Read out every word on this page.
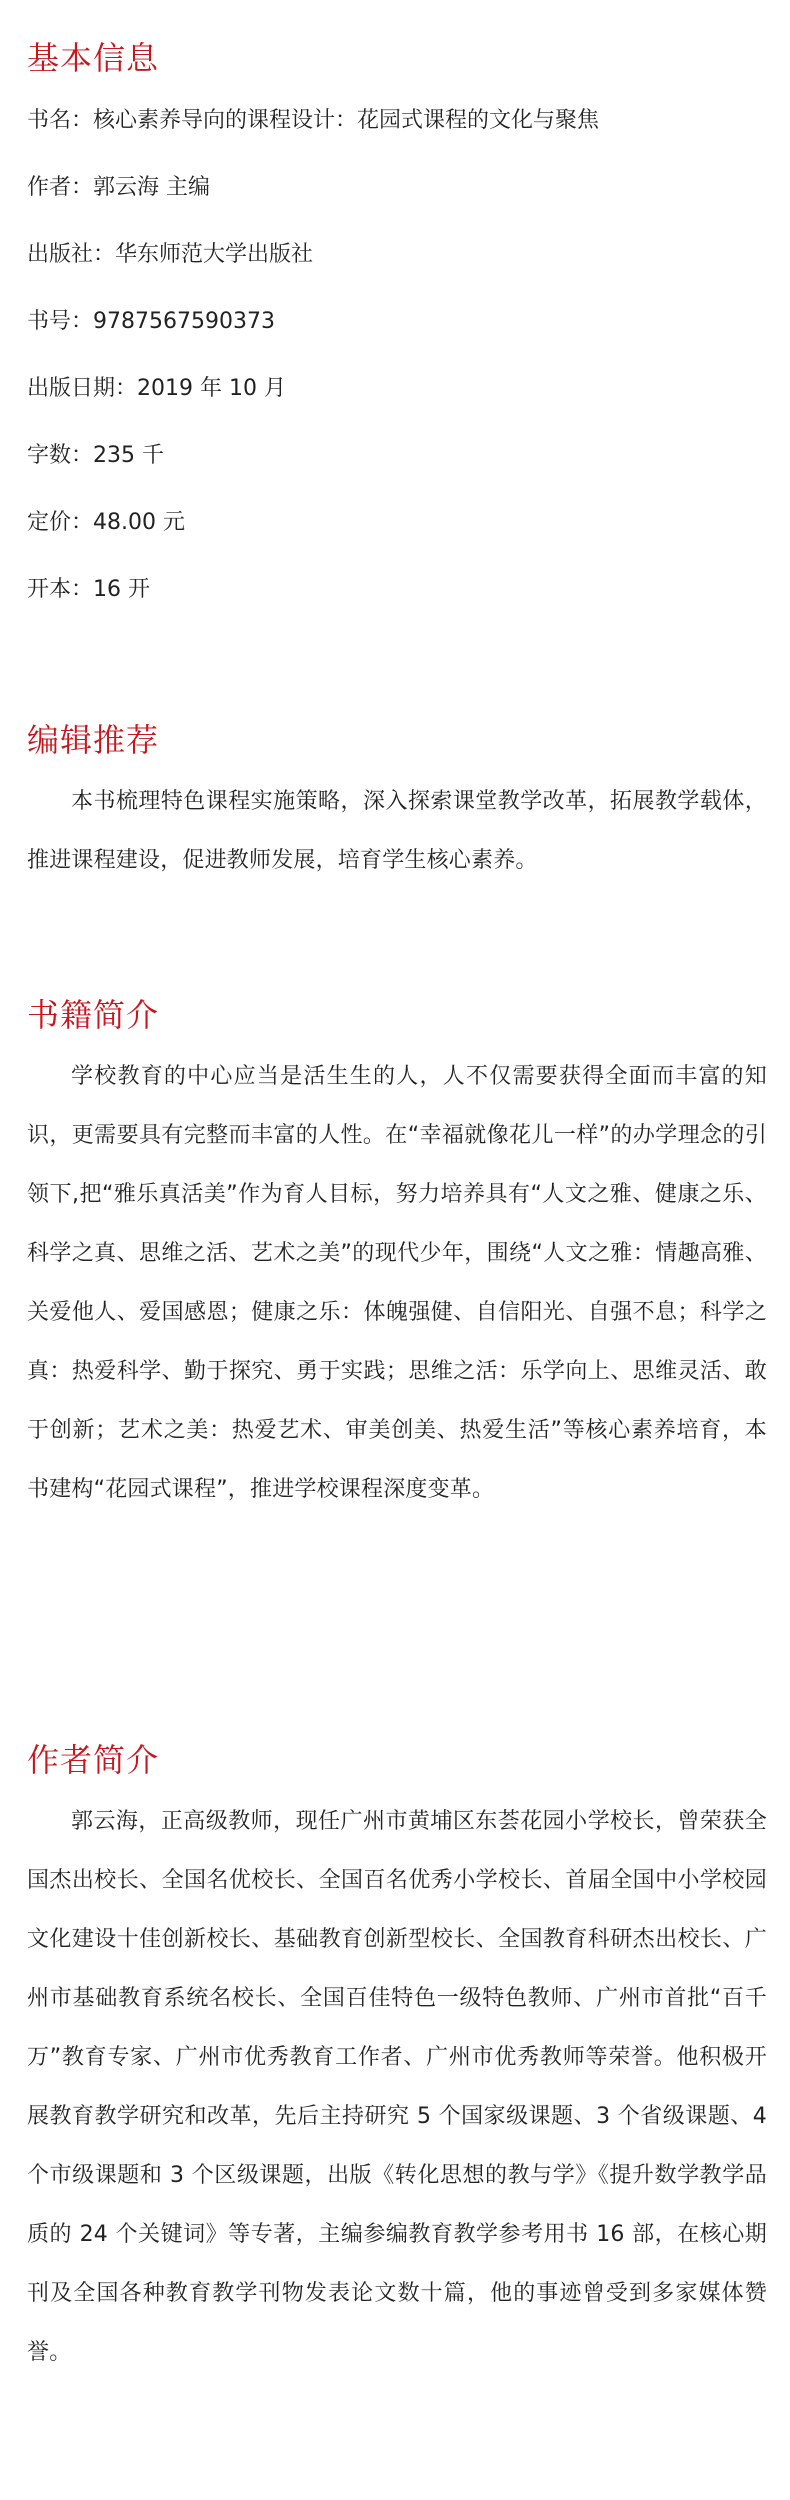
基本信息
书名：核心素养导向的课程设计：花园式课程的文化与聚焦
作者：郭云海 主编
出版社：华东师范大学出版社
书号：9787567590373
出版日期：2019 年 10 月
字数：235 千
定价：48.00 元
开本：16 开
编辑推荐

本书梳理特色课程实施策略，深入探索课堂教学改革，拓展教学载体，推进课程建设，促进教师发展，培育学生核心素养。

书籍简介

学校教育的中心应当是活生生的人，人不仅需要获得全面而丰富的知识，更需要具有完整而丰富的人性。在“幸福就像花儿一样”的办学理念的引领下,把“雅乐真活美”作为育人目标，努力培养具有“人文之雅、健康之乐、科学之真、思维之活、艺术之美”的现代少年，围绕“人文之雅：情趣高雅、关爱他人、爱国感恩；健康之乐：体魄强健、自信阳光、自强不息；科学之真：热爱科学、勤于探究、勇于实践；思维之活：乐学向上、思维灵活、敢于创新；艺术之美：热爱艺术、审美创美、热爱生活”等核心素养培育，本书建构“花园式课程”，推进学校课程深度变革。

作者简介

郭云海，正高级教师，现任广州市黄埔区东荟花园小学校长，曾荣获全国杰出校长、全国名优校长、全国百名优秀小学校长、首届全国中小学校园文化建设十佳创新校长、基础教育创新型校长、全国教育科研杰出校长、广州市基础教育系统名校长、全国百佳特色一级特色教师、广州市首批“百千万”教育专家、广州市优秀教育工作者、广州市优秀教师等荣誉。他积极开展教育教学研究和改革，先后主持研究 5 个国家级课题、3 个省级课题、4 个市级课题和 3 个区级课题，出版《转化思想的教与学》《提升数学教学品质的 24 个关键词》等专著，主编参编教育教学参考用书 16 部，在核心期刊及全国各种教育教学刊物发表论文数十篇，他的事迹曾受到多家媒体赞誉。
